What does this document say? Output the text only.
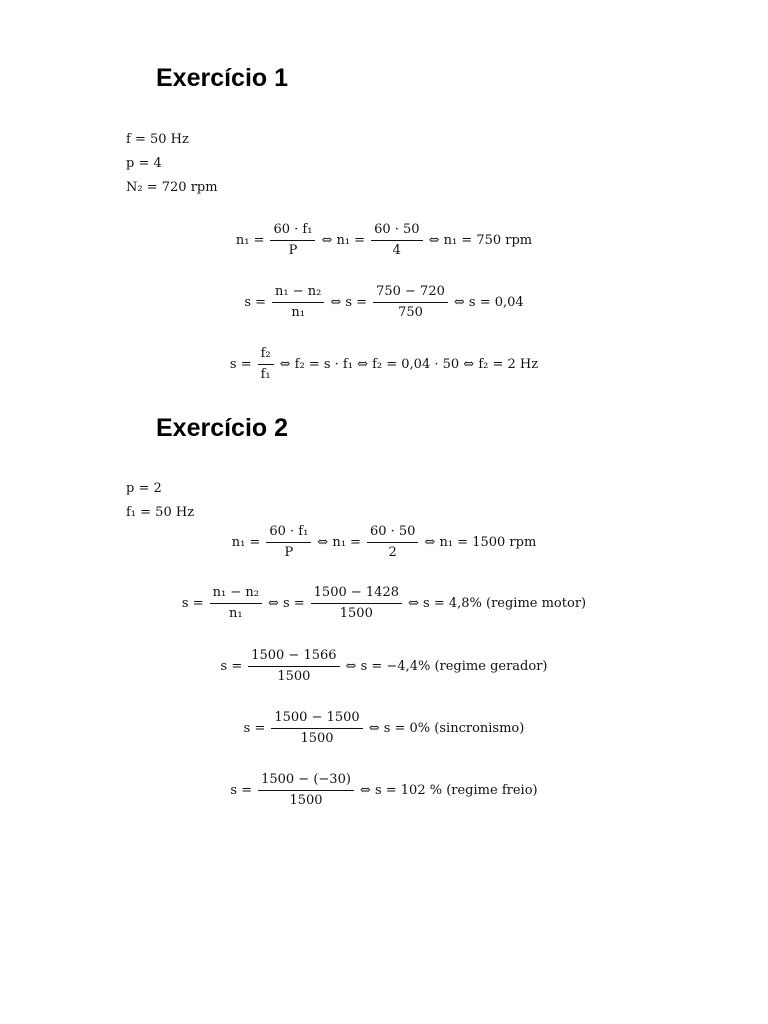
Exercício 1
f = 50 Hz
p = 4
N₂ = 720 rpm
$n_1 = \frac{\text{60 · f₁}}{P}$ ⇔ $n_1 = \frac{60 \cdot 50}{4}$ ⇔ n₁ = 750 rpm
$s = \frac{\text{n₁ − n₂}}{\text{n₁}}$ ⇔ $s = \frac{750 - 720}{750}$ ⇔ s = 0,04
$s = \frac{\text{f₂}}{\text{f₁}}$ ⇔ f₂ = s · f₁ ⇔ f₂ = 0,04 · 50 ⇔ f₂ = 2 Hz
Exercício 2
p = 2
f₁ = 50 Hz
$n_1 = \frac{\text{60 · f₁}}{P}$ ⇔ $n_1 = \frac{60 \cdot 50}{2}$ ⇔ n₁ = 1500 rpm
$s = \frac{\text{n₁ − n₂}}{\text{n₁}}$ ⇔ $s = \frac{1500 - 1428}{1500}$ ⇔ s = 4,8% (regime motor)
$s = \frac{1500 - 1566}{1500}$ ⇔ s = −4,4% (regime gerador)
$s = \frac{1500 - 1500}{1500}$ ⇔ s = 0% (sincronismo)
$s = \frac{1500 - (-30)}{1500}$ ⇔ s = 102 % (regime freio)
